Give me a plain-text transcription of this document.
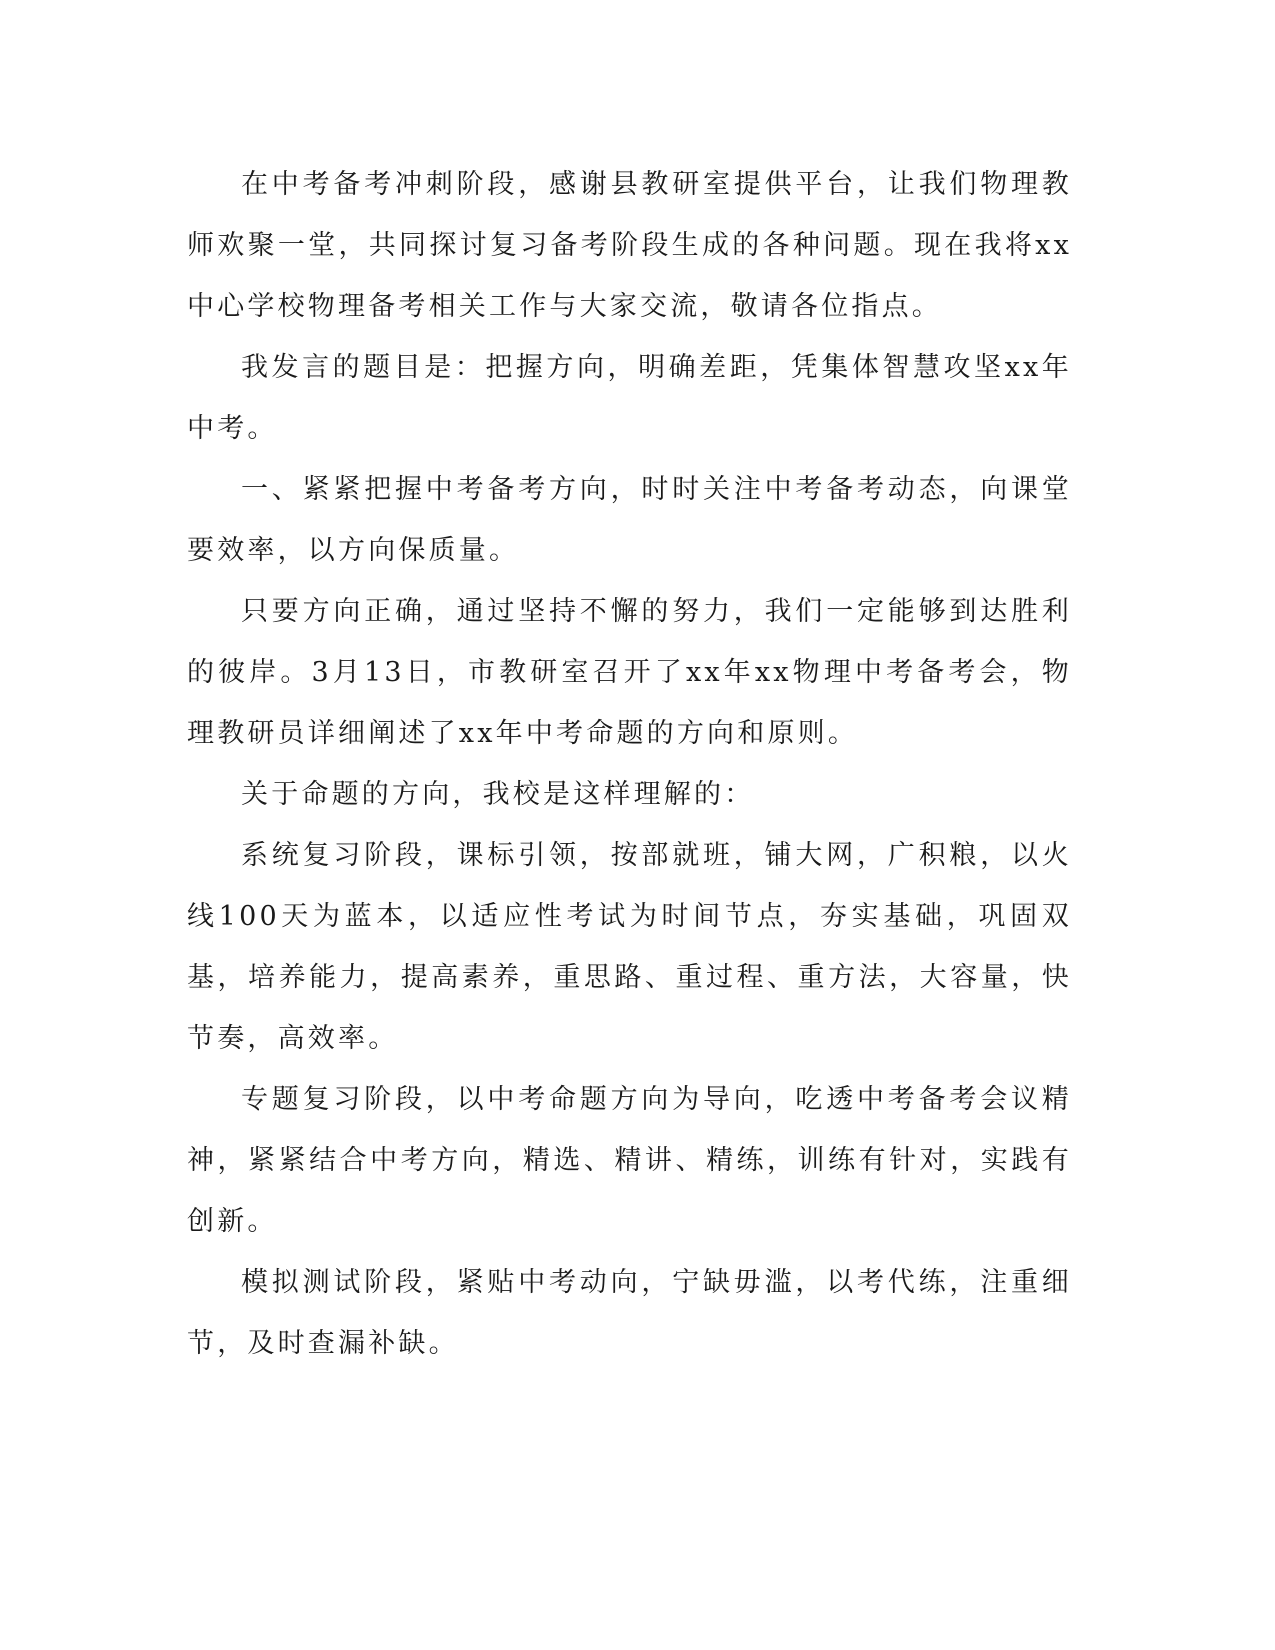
在中考备考冲刺阶段，感谢县教研室提供平台，让我们物理教师欢聚一堂，共同探讨复习备考阶段生成的各种问题。现在我将xx中心学校物理备考相关工作与大家交流，敬请各位指点。

我发言的题目是：把握方向，明确差距，凭集体智慧攻坚xx年中考。

一、紧紧把握中考备考方向，时时关注中考备考动态，向课堂要效率，以方向保质量。

只要方向正确，通过坚持不懈的努力，我们一定能够到达胜利的彼岸。3月13日，市教研室召开了xx年xx物理中考备考会，物理教研员详细阐述了xx年中考命题的方向和原则。

关于命题的方向，我校是这样理解的：

系统复习阶段，课标引领，按部就班，铺大网，广积粮，以火线100天为蓝本，以适应性考试为时间节点，夯实基础，巩固双基，培养能力，提高素养，重思路、重过程、重方法，大容量，快节奏，高效率。

专题复习阶段，以中考命题方向为导向，吃透中考备考会议精神，紧紧结合中考方向，精选、精讲、精练，训练有针对，实践有创新。

模拟测试阶段，紧贴中考动向，宁缺毋滥，以考代练，注重细节，及时查漏补缺。
